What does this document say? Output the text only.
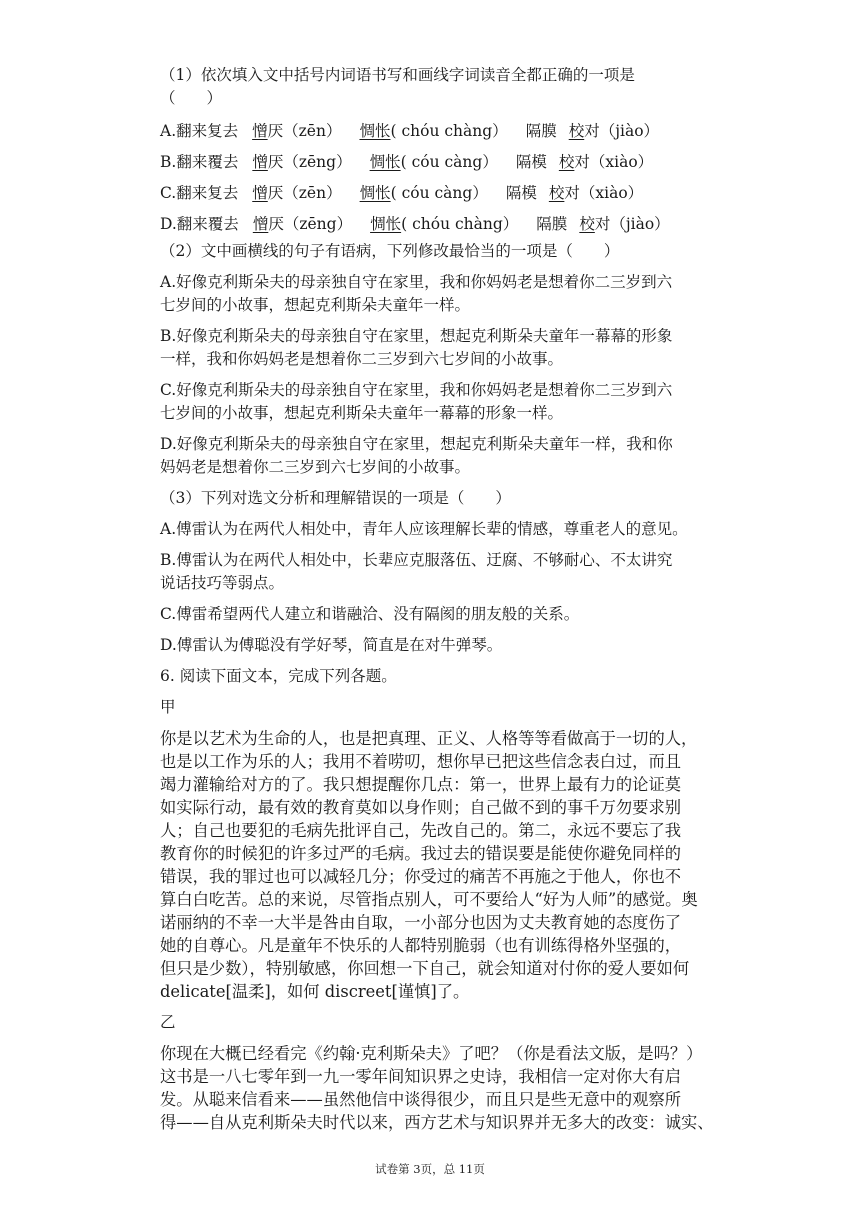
（1）依次填入文中括号内词语书写和画线字词读音全都正确的一项是

（　　）

A.翻来复去 憎 厌（zēn） 惆怅 ( chóu chàng） 隔膜 校 对（jiào）
B.翻来覆去 憎 厌（zēng） 惆怅 ( cóu càng） 隔模 校 对（xiào）
C.翻来复去 憎 厌（zēn） 惆怅 ( cóu càng） 隔模 校 对（xiào）
D.翻来覆去 憎 厌（zēng） 惆怅 ( chóu chàng） 隔膜 校 对（jiào）

（2）文中画横线的句子有语病，下列修改最恰当的一项是（　　）

A.好像克利斯朵夫的母亲独自守在家里，我和你妈妈老是想着你二三岁到六

七岁间的小故事，想起克利斯朵夫童年一样。

B.好像克利斯朵夫的母亲独自守在家里，想起克利斯朵夫童年一幕幕的形象

一样，我和你妈妈老是想着你二三岁到六七岁间的小故事。

C.好像克利斯朵夫的母亲独自守在家里，我和你妈妈老是想着你二三岁到六

七岁间的小故事，想起克利斯朵夫童年一幕幕的形象一样。

D.好像克利斯朵夫的母亲独自守在家里，想起克利斯朵夫童年一样，我和你

妈妈老是想着你二三岁到六七岁间的小故事。

（3）下列对选文分析和理解错误的一项是（　　）

A.傅雷认为在两代人相处中，青年人应该理解长辈的情感，尊重老人的意见。

B.傅雷认为在两代人相处中，长辈应克服落伍、迂腐、不够耐心、不太讲究

说话技巧等弱点。

C.傅雷希望两代人建立和谐融洽、没有隔阂的朋友般的关系。

D.傅雷认为傅聪没有学好琴，简直是在对牛弹琴。

6. 阅读下面文本，完成下列各题。

甲

你是以艺术为生命的人，也是把真理、正义、人格等等看做高于一切的人，

也是以工作为乐的人；我用不着唠叨，想你早已把这些信念表白过，而且

竭力灌输给对方的了。我只想提醒你几点：第一，世界上最有力的论证莫

如实际行动，最有效的教育莫如以身作则；自己做不到的事千万勿要求别

人；自己也要犯的毛病先批评自己，先改自己的。第二，永远不要忘了我

教育你的时候犯的许多过严的毛病。我过去的错误要是能使你避免同样的

错误，我的罪过也可以减轻几分；你受过的痛苦不再施之于他人，你也不

算白白吃苦。总的来说，尽管指点别人，可不要给人“好为人师”的感觉。奥

诺丽纳的不幸一大半是咎由自取，一小部分也因为丈夫教育她的态度伤了

她的自尊心。凡是童年不快乐的人都特别脆弱（也有训练得格外坚强的，

但只是少数），特别敏感，你回想一下自己，就会知道对付你的爱人要如何

delicate[温柔]，如何 discreet[谨慎]了。

乙

你现在大概已经看完《约翰·克利斯朵夫》了吧？（你是看法文版，是吗？）

这书是一八七零年到一九一零年间知识界之史诗，我相信一定对你大有启

发。从聪来信看来——虽然他信中谈得很少，而且只是些无意中的观察所

得——自从克利斯朵夫时代以来，西方艺术与知识界并无多大的改变：诚实、

试卷第 3页，总 11页
